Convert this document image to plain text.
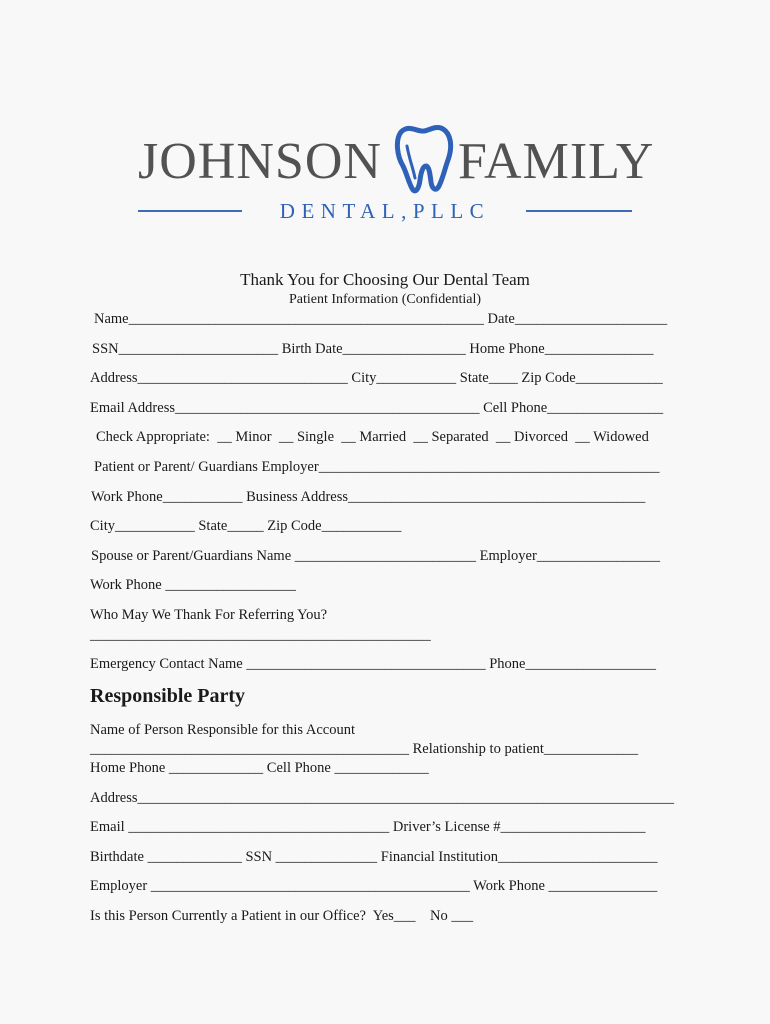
JOHNSON FAMILY
DENTAL,PLLC
Thank You for Choosing Our Dental Team
Patient Information (Confidential)
Name_________________________________________________ Date_____________________
SSN______________________ Birth Date_________________ Home Phone_______________
Address_____________________________ City___________ State____ Zip Code____________
Email Address__________________________________________ Cell Phone________________
Check Appropriate:  __ Minor  __ Single  __ Married  __ Separated  __ Divorced  __ Widowed
Patient or Parent/ Guardians Employer_______________________________________________
Work Phone___________ Business Address_________________________________________
City___________ State_____ Zip Code___________
Spouse or Parent/Guardians Name _________________________ Employer_________________
Work Phone __________________
Who May We Thank For Referring You?
_______________________________________________
Emergency Contact Name _________________________________ Phone__________________
Responsible Party
Name of Person Responsible for this Account
____________________________________________ Relationship to patient_____________
Home Phone _____________ Cell Phone _____________
Address__________________________________________________________________________
Email ____________________________________ Driver’s License #____________________
Birthdate _____________ SSN ______________ Financial Institution______________________
Employer ____________________________________________ Work Phone _______________
Is this Person Currently a Patient in our Office?  Yes___    No ___
